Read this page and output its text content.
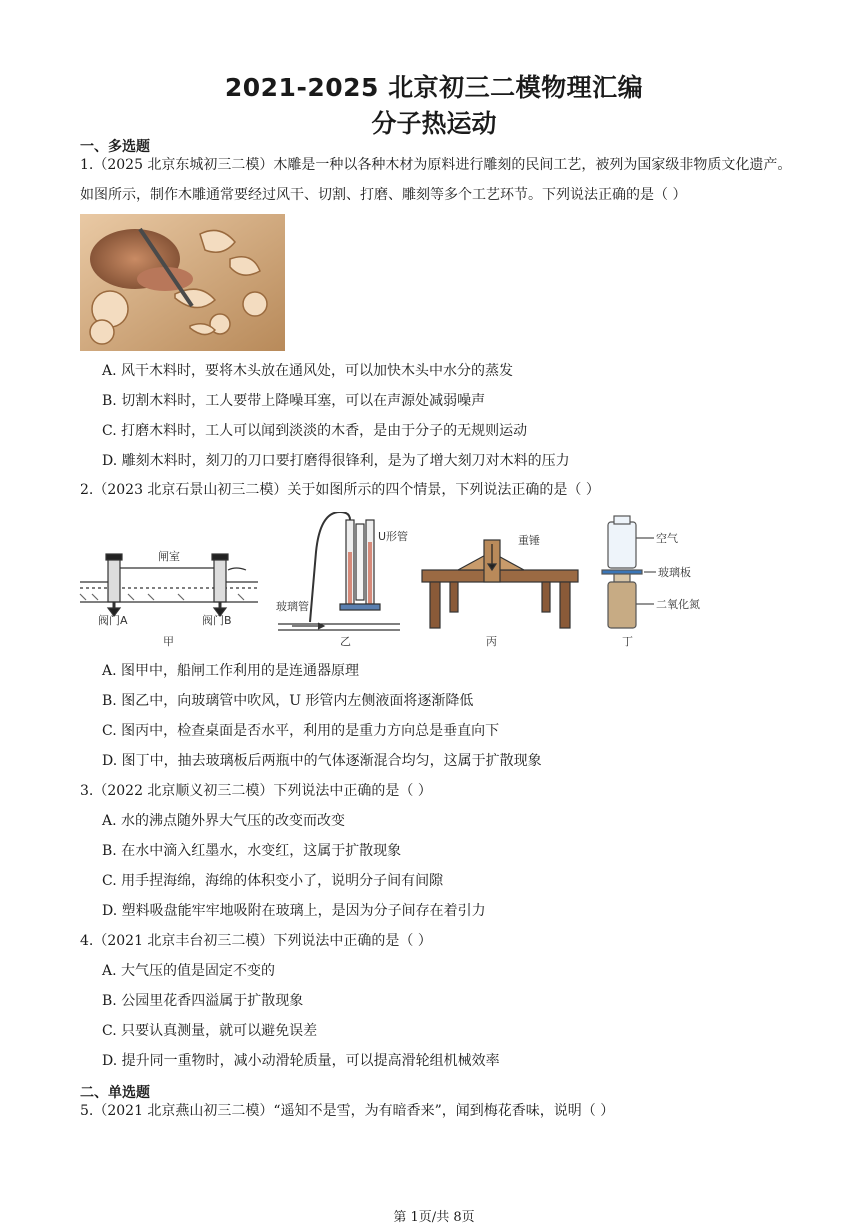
2021-2025 北京初三二模物理汇编
分子热运动
一、多选题
1.（2025 北京东城初三二模）木雕是一种以各种木材为原料进行雕刻的民间工艺，被列为国家级非物质文化遗产。如图所示，制作木雕通常要经过风干、切割、打磨、雕刻等多个工艺环节。下列说法正确的是（ ）
A. 风干木料时，要将木头放在通风处，可以加快木头中水分的蒸发
B. 切割木料时，工人要带上降噪耳塞，可以在声源处减弱噪声
C. 打磨木料时，工人可以闻到淡淡的木香，是由于分子的无规则运动
D. 雕刻木料时，刻刀的刀口要打磨得很锋利，是为了增大刻刀对木料的压力
2.（2023 北京石景山初三二模）关于如图所示的四个情景，下列说法正确的是（ ）
闸室
阀门A	阀门B
甲
玻璃管
U形管
乙
重锤
丙
空气
玻璃板
二氧化氮
丁
A. 图甲中，船闸工作利用的是连通器原理
B. 图乙中，向玻璃管中吹风，U 形管内左侧液面将逐渐降低
C. 图丙中，检查桌面是否水平，利用的是重力方向总是垂直向下
D. 图丁中，抽去玻璃板后两瓶中的气体逐渐混合均匀，这属于扩散现象
3.（2022 北京顺义初三二模）下列说法中正确的是（ ）
A. 水的沸点随外界大气压的改变而改变
B. 在水中滴入红墨水，水变红，这属于扩散现象
C. 用手捏海绵，海绵的体积变小了，说明分子间有间隙
D. 塑料吸盘能牢牢地吸附在玻璃上，是因为分子间存在着引力
4.（2021 北京丰台初三二模）下列说法中正确的是（ ）
A. 大气压的值是固定不变的
B. 公园里花香四溢属于扩散现象
C. 只要认真测量，就可以避免误差
D. 提升同一重物时，减小动滑轮质量，可以提高滑轮组机械效率
二、单选题
5.（2021 北京燕山初三二模）“遥知不是雪，为有暗香来”，闻到梅花香味，说明（ ）
第 1页/共 8页
